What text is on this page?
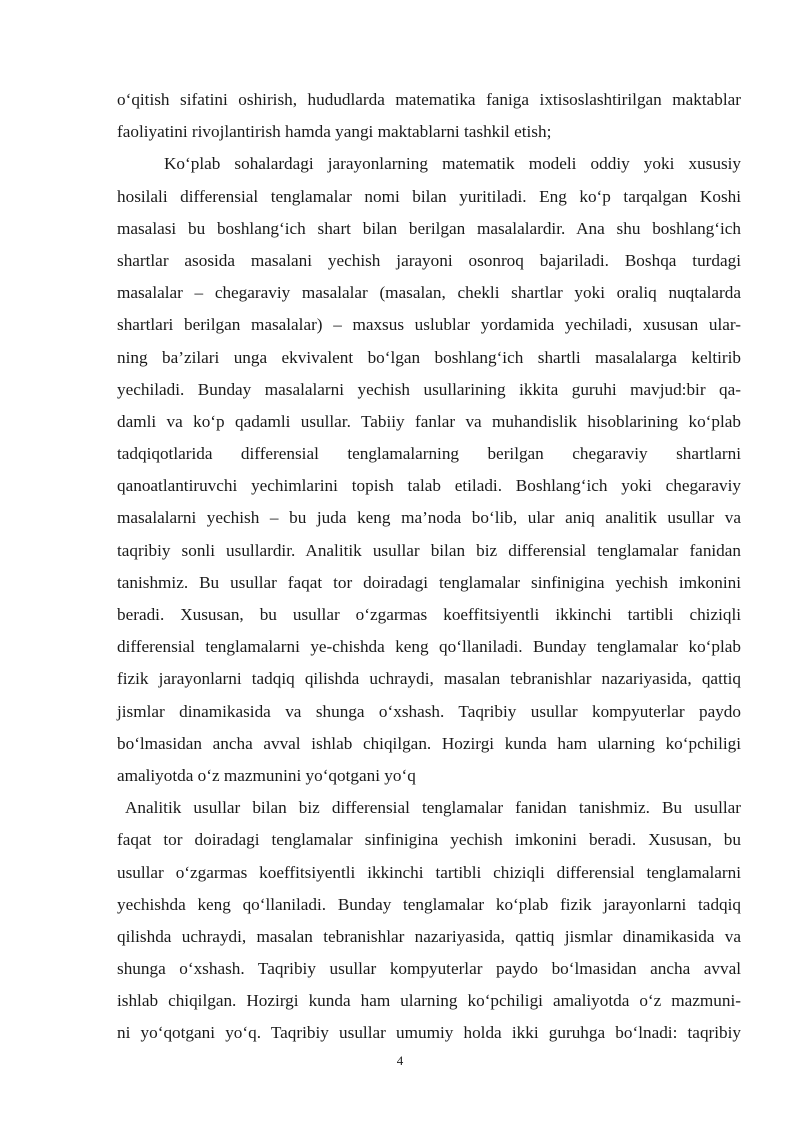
o‘qitish sifatini oshirish, hududlarda matematika faniga ixtisoslashtirilgan maktablar
faoliyatini rivojlantirish hamda yangi maktablarni tashkil etish;
Ko‘plab sohalardagi jarayonlarning matematik modeli oddiy yoki xususiy
hosilali differensial tenglamalar nomi bilan yuritiladi. Eng ko‘p tarqalgan Koshi
masalasi bu boshlang‘ich shart bilan berilgan masalalardir. Ana shu boshlang‘ich
shartlar asosida masalani yechish jarayoni osonroq bajariladi. Boshqa turdagi
masalalar – chegaraviy masalalar (masalan, chekli shartlar yoki oraliq nuqtalarda
shartlari berilgan masalalar) – maxsus uslublar yordamida yechiladi, xususan ular-
ning ba’zilari unga ekvivalent bo‘lgan boshlang‘ich shartli masalalarga keltirib
yechiladi. Bunday masalalarni yechish usullarining ikkita guruhi mavjud:bir qa-
damli va ko‘p qadamli usullar. Tabiiy fanlar va muhandislik hisoblarining ko‘plab
tadqiqotlarida differensial tenglamalarning berilgan chegaraviy shartlarni
qanoatlantiruvchi yechimlarini topish talab etiladi. Boshlang‘ich yoki chegaraviy
masalalarni yechish – bu juda keng ma’noda bo‘lib, ular aniq analitik usullar va
taqribiy sonli usullardir. Analitik usullar bilan biz differensial tenglamalar fanidan
tanishmiz. Bu usullar faqat tor doiradagi tenglamalar sinfinigina yechish imkonini
beradi. Xususan, bu usullar o‘zgarmas koeffitsiyentli ikkinchi tartibli chiziqli
differensial tenglamalarni ye-chishda keng qo‘llaniladi. Bunday tenglamalar ko‘plab
fizik jarayonlarni tadqiq qilishda uchraydi, masalan tebranishlar nazariyasida, qattiq
jismlar dinamikasida va shunga o‘xshash. Taqribiy usullar kompyuterlar paydo
bo‘lmasidan ancha avval ishlab chiqilgan. Hozirgi kunda ham ularning ko‘pchiligi
amaliyotda o‘z mazmunini yo‘qotgani yo‘q
Analitik usullar bilan biz differensial tenglamalar fanidan tanishmiz. Bu usullar
faqat tor doiradagi tenglamalar sinfinigina yechish imkonini beradi. Xususan, bu
usullar o‘zgarmas koeffitsiyentli ikkinchi tartibli chiziqli differensial tenglamalarni
yechishda keng qo‘llaniladi. Bunday tenglamalar ko‘plab fizik jarayonlarni tadqiq
qilishda uchraydi, masalan tebranishlar nazariyasida, qattiq jismlar dinamikasida va
shunga o‘xshash. Taqribiy usullar kompyuterlar paydo bo‘lmasidan ancha avval
ishlab chiqilgan. Hozirgi kunda ham ularning ko‘pchiligi amaliyotda o‘z mazmuni-
ni yo‘qotgani yo‘q. Taqribiy usullar umumiy holda ikki guruhga bo‘lnadi: taqribiy
4
